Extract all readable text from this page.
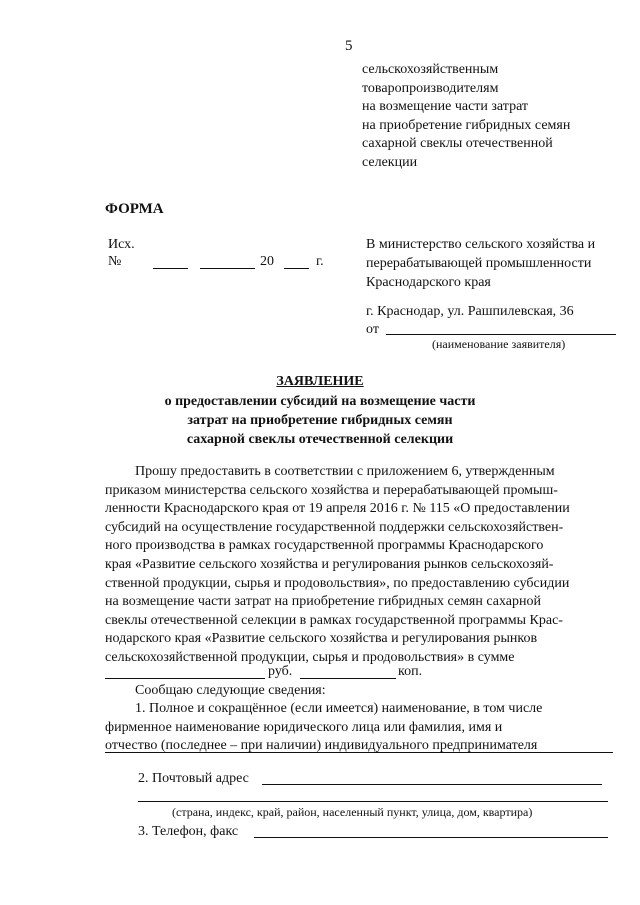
5
сельскохозяйственным
товаропроизводителям
на возмещение части затрат
на приобретение гибридных семян
сахарной свеклы отечественной
селекции
ФОРМА
Исх.
№	20	г.
В министерство сельского хозяйства и
перерабатывающей промышленности
Краснодарского края
г. Краснодар, ул. Рашпилевская, 36
от
(наименование заявителя)
ЗАЯВЛЕНИЕ
о предоставлении субсидий на возмещение части
затрат на приобретение гибридных семян
сахарной свеклы отечественной селекции
Прошу предоставить в соответствии с приложением 6, утвержденным
приказом министерства сельского хозяйства и перерабатывающей промыш-
ленности Краснодарского края от 19 апреля 2016 г. № 115 «О предоставлении
субсидий на осуществление государственной поддержки сельскохозяйствен-
ного производства в рамках государственной программы Краснодарского
края «Развитие сельского хозяйства и регулирования рынков сельскохозяй-
ственной продукции, сырья и продовольствия», по предоставлению субсидии
на возмещение части затрат на приобретение гибридных семян сахарной
свеклы отечественной селекции в рамках государственной программы Крас-
нодарского края «Развитие сельского хозяйства и регулирования рынков
сельскохозяйственной продукции, сырья и продовольствия» в сумме
руб.	коп.
Сообщаю следующие сведения:
1. Полное и сокращённое (если имеется) наименование, в том числе
фирменное наименование юридического лица или фамилия, имя и
отчество (последнее – при наличии) индивидуального предпринимателя
2. Почтовый адрес
(страна, индекс, край, район, населенный пункт, улица, дом, квартира)
3. Телефон, факс
